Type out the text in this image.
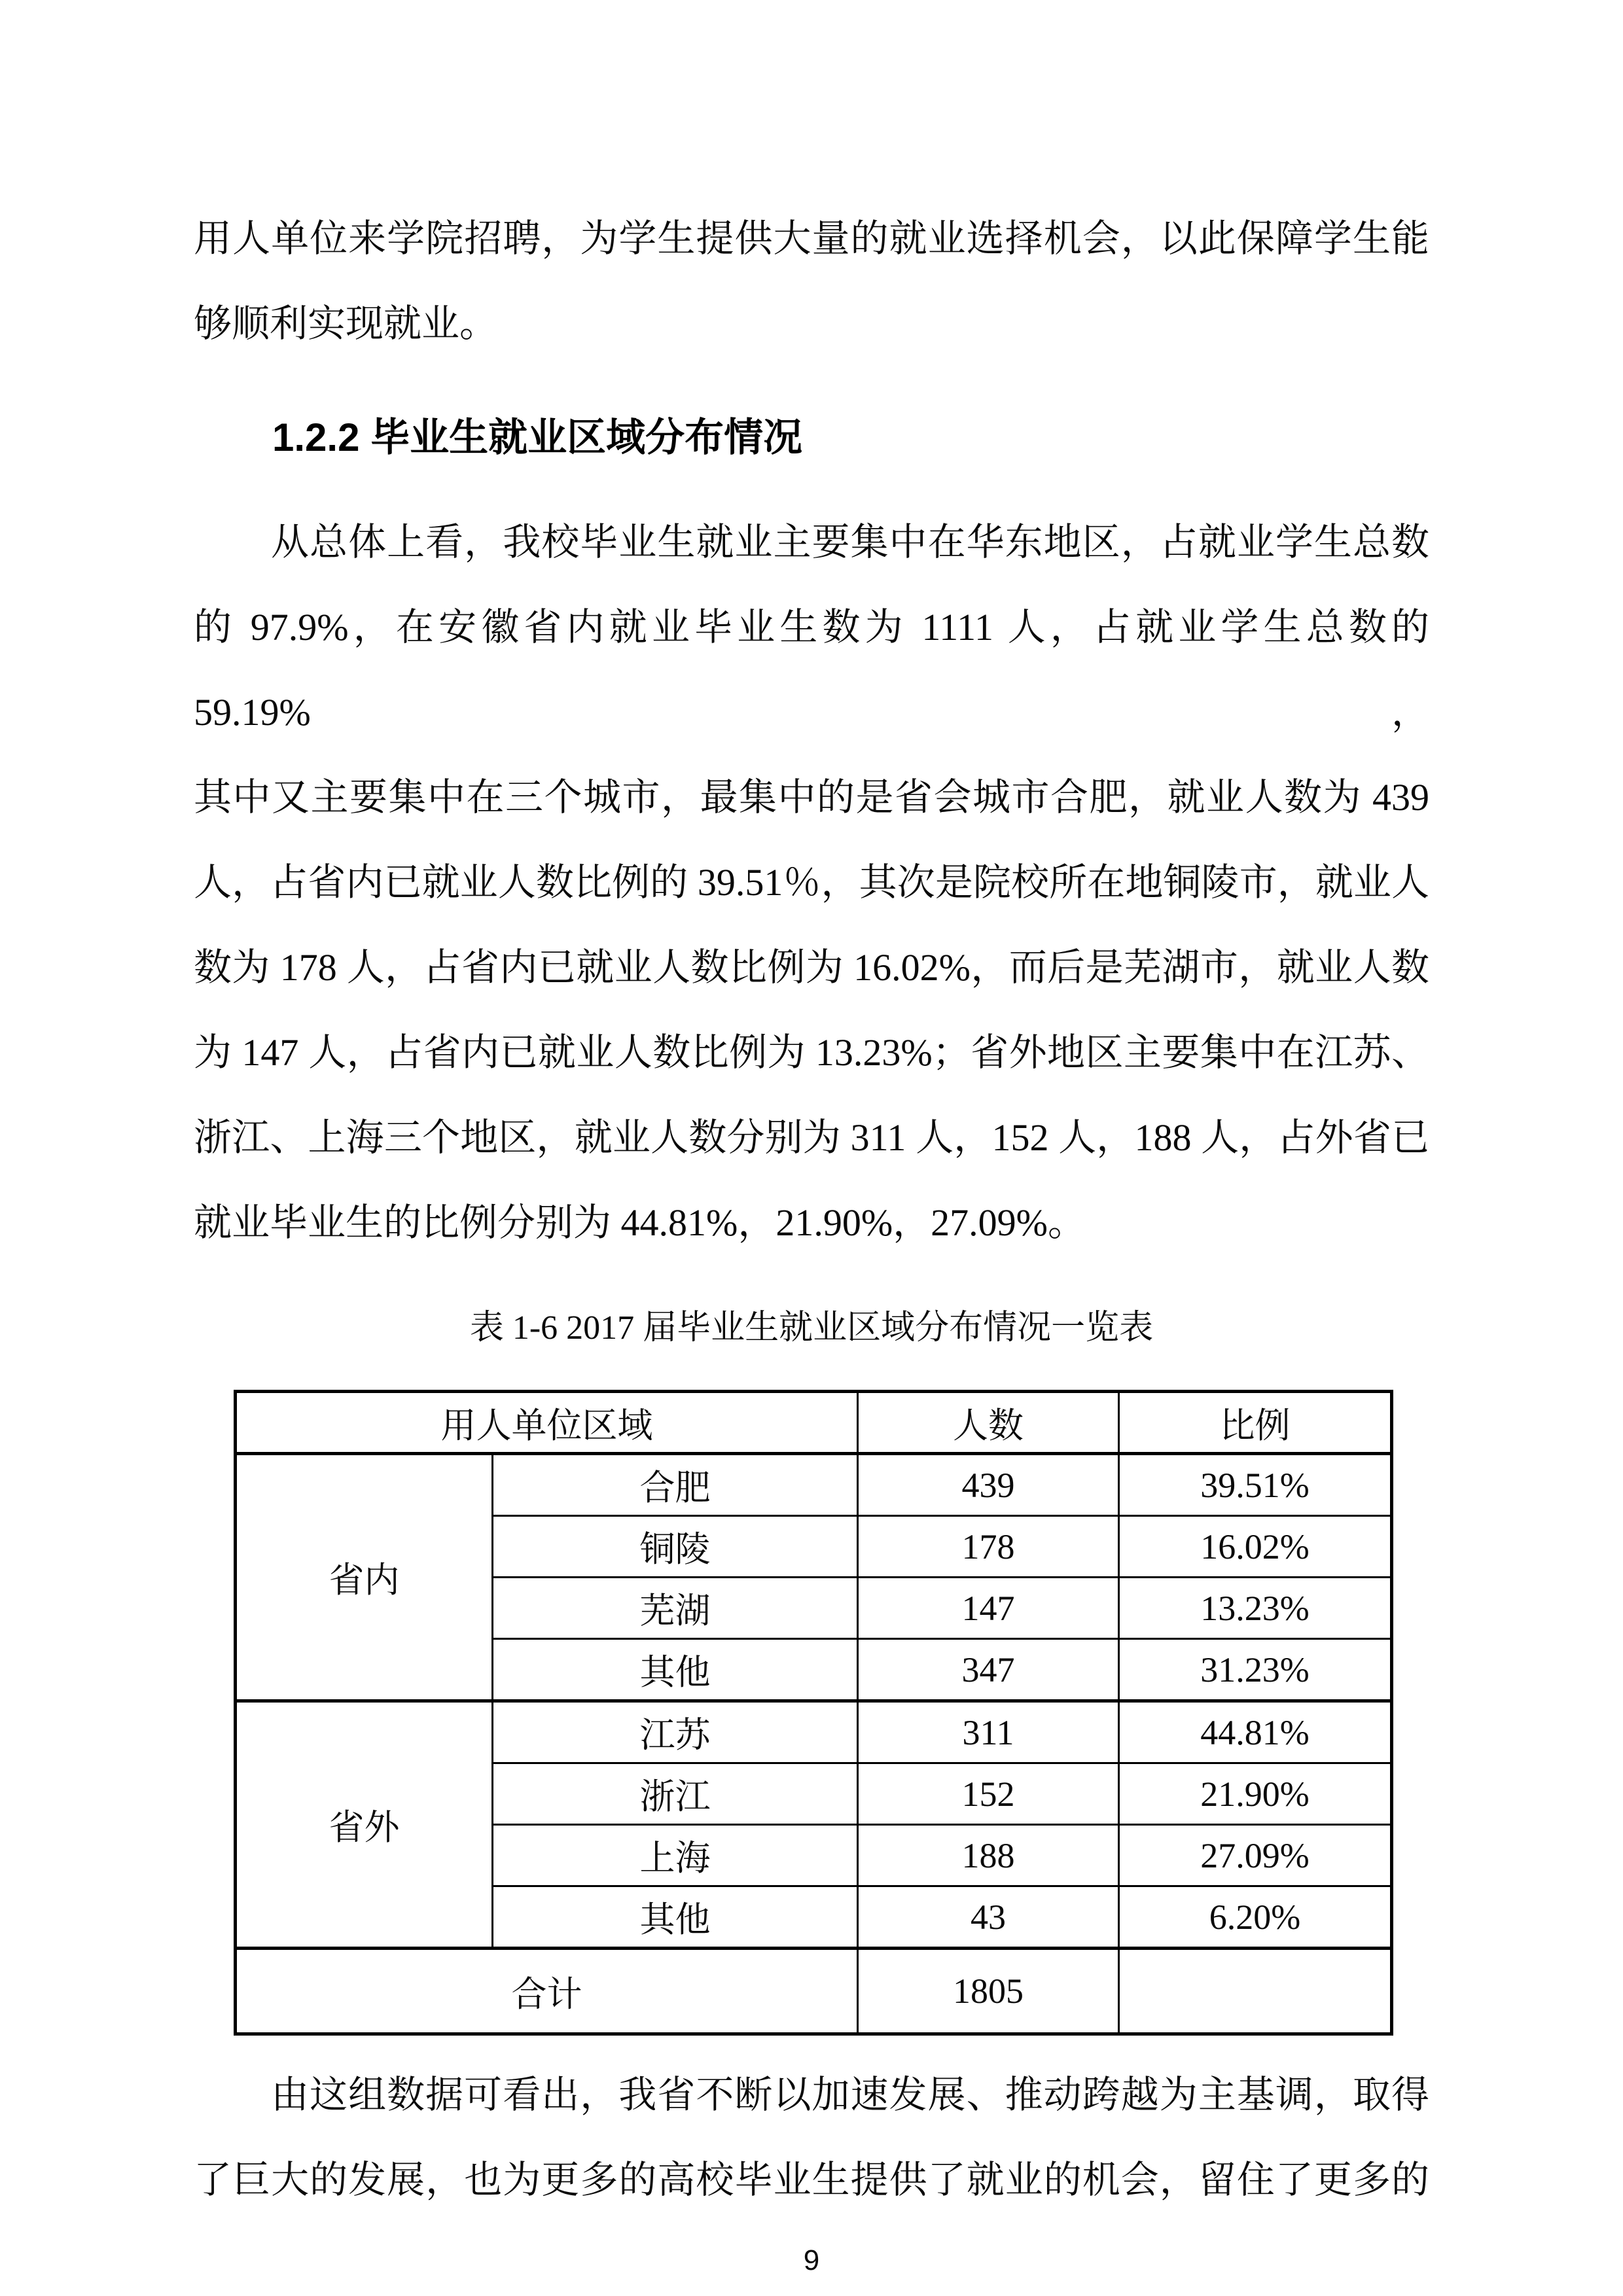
用人单位来学院招聘，为学生提供大量的就业选择机会，以此保障学生能
够顺利实现就业。
1.2.2 毕业生就业区域分布情况
从总体上看，我校毕业生就业主要集中在华东地区，占就业学生总数
的 97.9%，在安徽省内就业毕业生数为 1111 人，占就业学生总数的 59.19%，
其中又主要集中在三个城市，最集中的是省会城市合肥，就业人数为 439
人，占省内已就业人数比例的 39.51％，其次是院校所在地铜陵市，就业人
数为 178 人，占省内已就业人数比例为 16.02%，而后是芜湖市，就业人数
为 147 人，占省内已就业人数比例为 13.23%；省外地区主要集中在江苏、
浙江、上海三个地区，就业人数分别为 311 人，152 人，188 人，占外省已
就业毕业生的比例分别为 44.81%，21.90%，27.09%。
表 1-6 2017 届毕业生就业区域分布情况一览表
用人单位区域		人数	比例
省内	合肥	439	39.51%
	铜陵	178	16.02%
	芜湖	147	13.23%
	其他	347	31.23%
省外	江苏	311	44.81%
	浙江	152	21.90%
	上海	188	27.09%
	其他	43	6.20%
合计		1805	
由这组数据可看出，我省不断以加速发展、推动跨越为主基调，取得
了巨大的发展，也为更多的高校毕业生提供了就业的机会，留住了更多的
9
